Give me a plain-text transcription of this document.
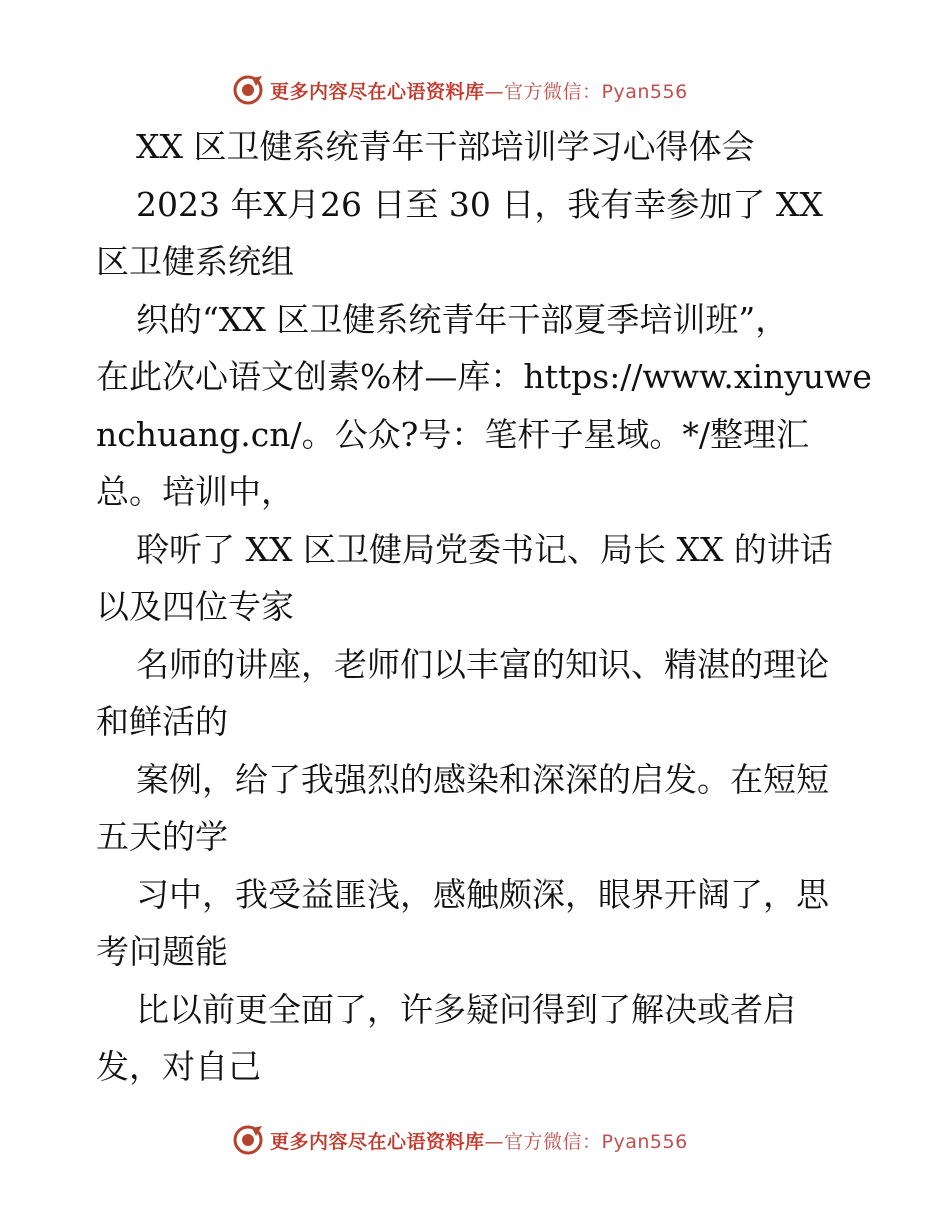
更多内容尽在心语资料库—官方微信：Pyan556
XX 区卫健系统青年干部培训学习心得体会
2023 年X月26 日至 30 日，我有幸参加了 XX
区卫健系统组
织的“XX 区卫健系统青年干部夏季培训班”，
在此次心语文创素%材—库：https://www.xinyuwe
nchuang.cn/。公众?号：笔杆子星域。*/整理汇
总。培训中，
聆听了 XX 区卫健局党委书记、局长 XX 的讲话
以及四位专家
名师的讲座，老师们以丰富的知识、精湛的理论
和鲜活的
案例，给了我强烈的感染和深深的启发。在短短
五天的学
习中，我受益匪浅，感触颇深，眼界开阔了，思
考问题能
比以前更全面了，许多疑问得到了解决或者启
发，对自己
更多内容尽在心语资料库—官方微信：Pyan556
